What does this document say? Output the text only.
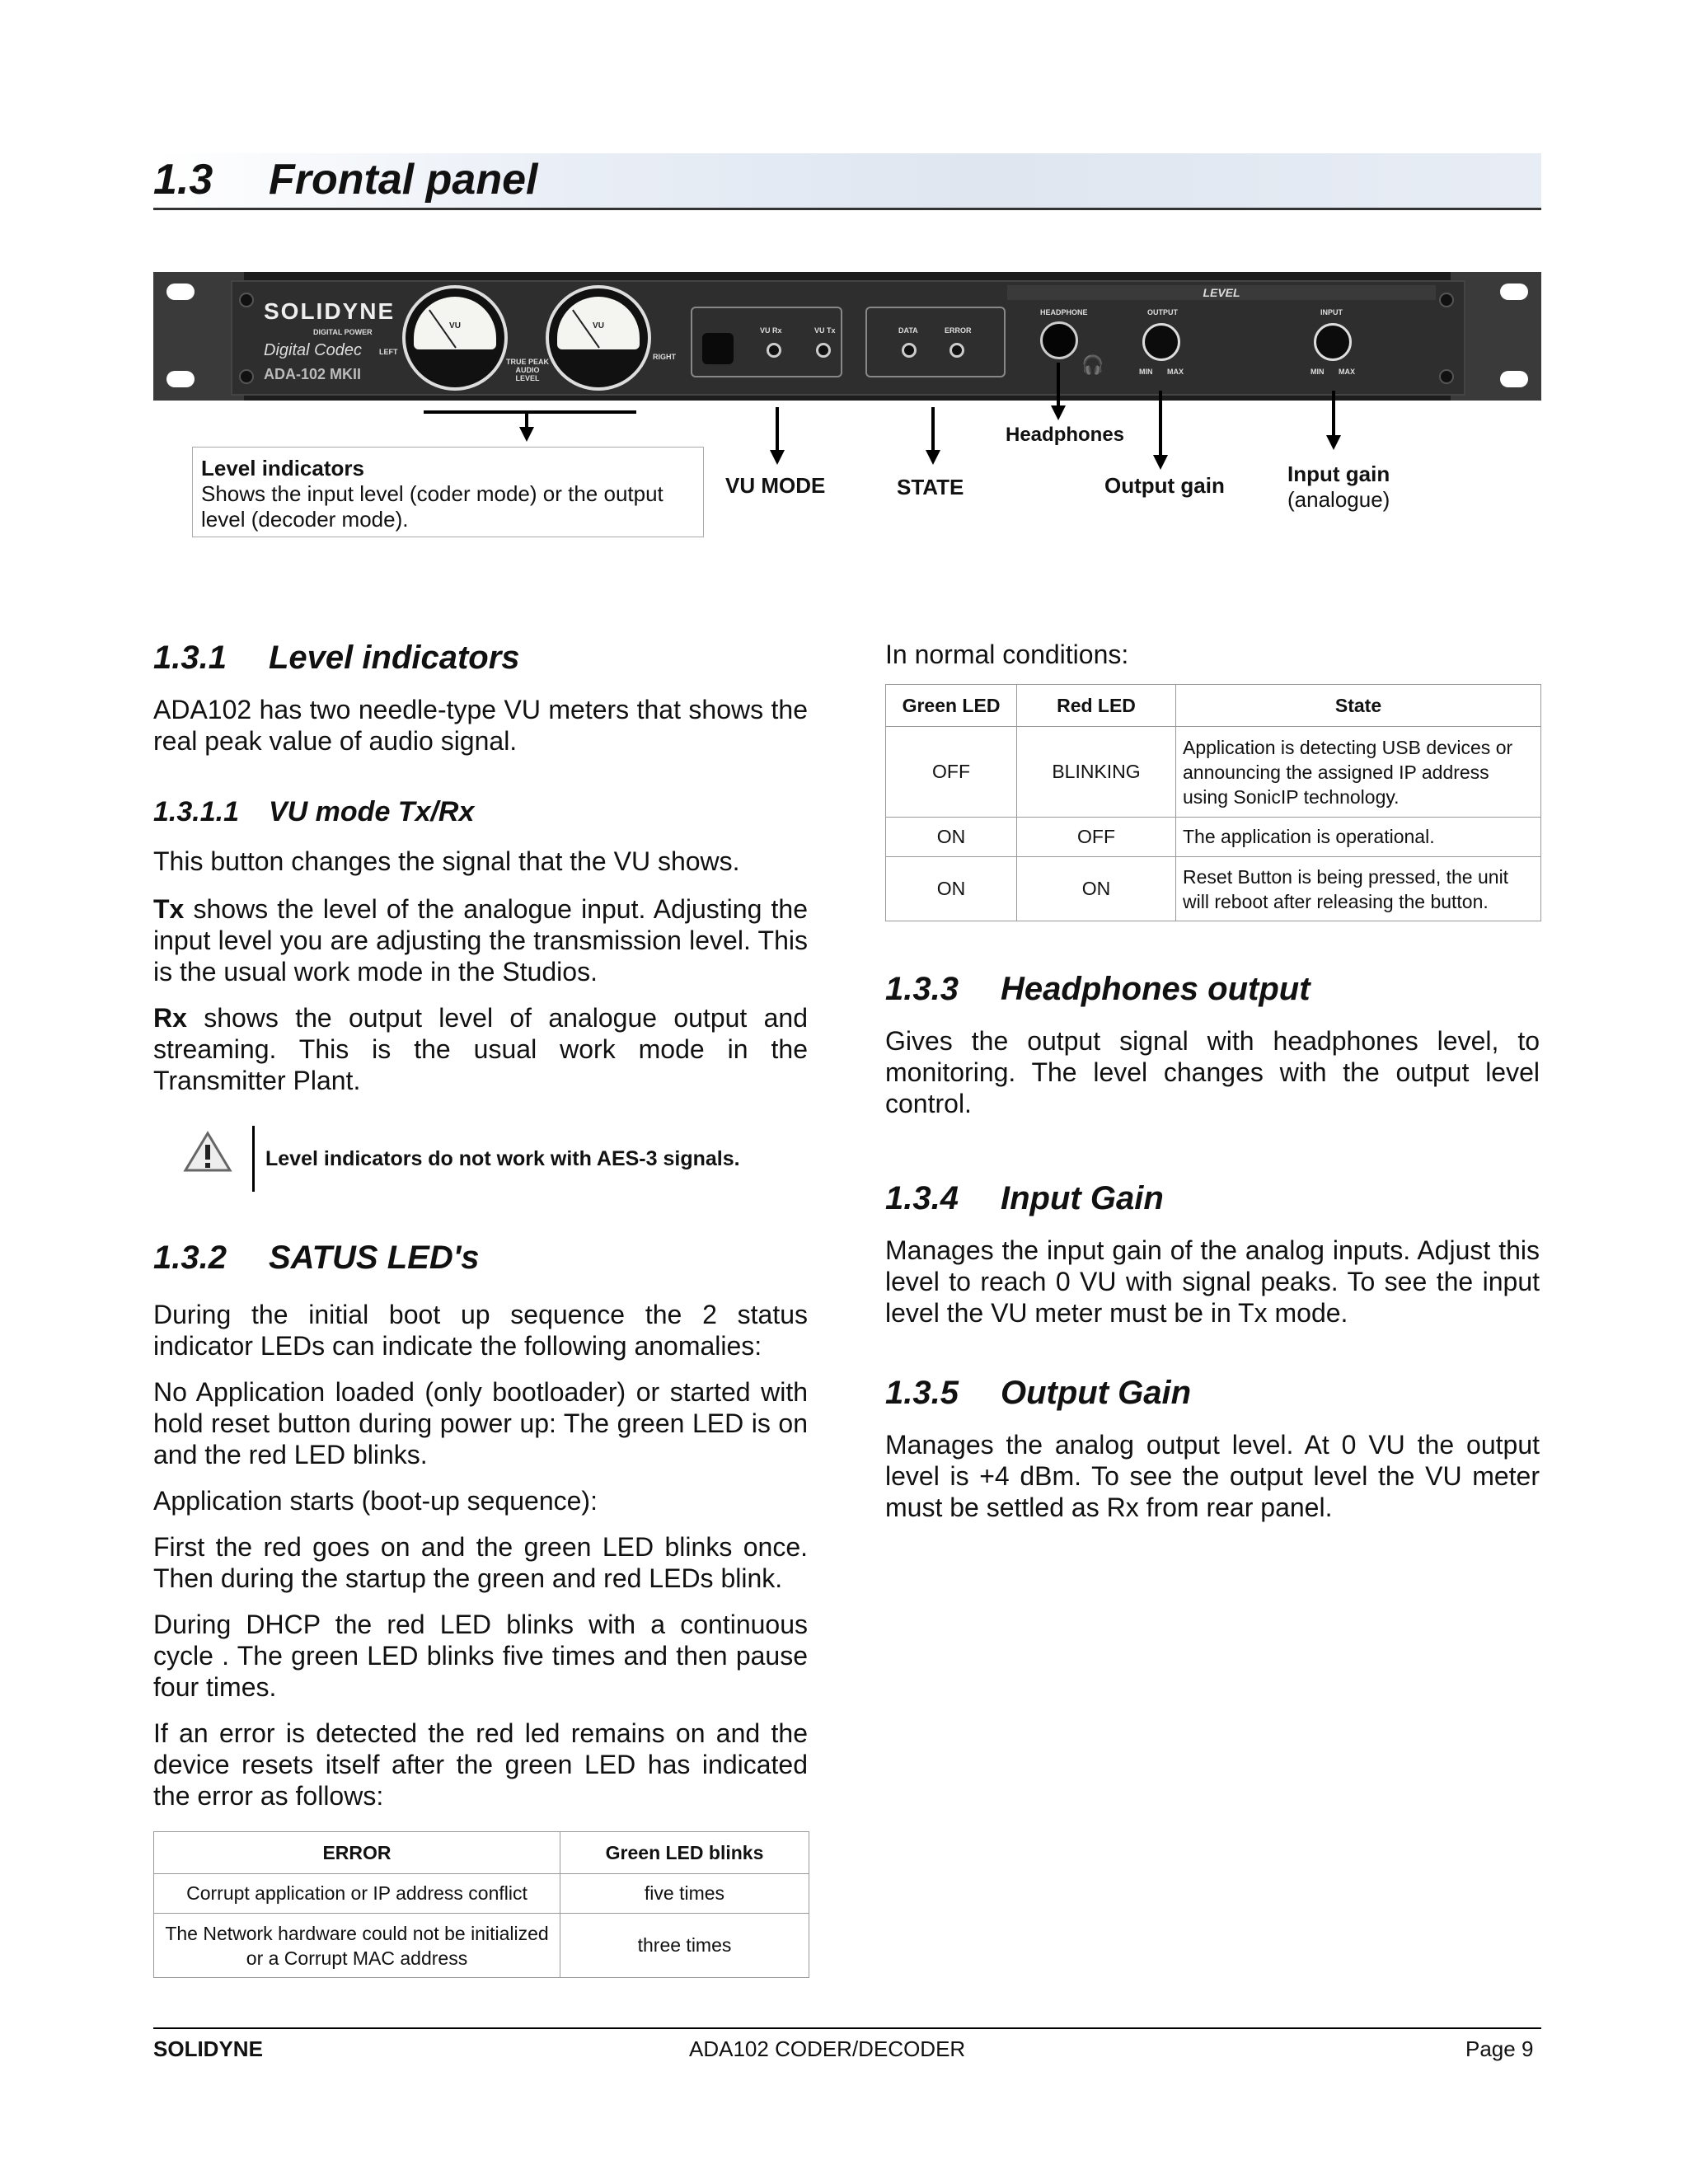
1.3 Frontal panel
SOLIDYNE
DIGITAL POWER
Digital Codec
ADA-102 MKII
LEFT
VU	VU
TRUE PEAK AUDIO LEVEL
RIGHT
VU Rx	VU Tx	DATA	ERROR
LEVEL
HEADPHONE
🎧
OUTPUT
MIN MAX
INPUT
MIN MAX
Level indicators
Shows the input level (coder mode) or the output level (decoder mode).
VU MODE	STATE
Headphones
Output gain	Input gain
(analogue)
1.3.1 Level indicators
ADA102 has two needle-type VU meters that shows the real peak value of audio signal.
1.3.1.1 VU mode Tx/Rx
This button changes the signal that the VU shows.
Tx shows the level of the analogue input. Adjusting the input level you are adjusting the transmission level. This is the usual work mode in the Studios.
Rx shows the output level of analogue output and streaming. This is the usual work mode in the Transmitter Plant.
Level indicators do not work with AES-3 signals.
1.3.2 SATUS LED's
During the initial boot up sequence the 2 status indicator LEDs can indicate the following anomalies:
No Application loaded (only bootloader) or started with hold reset button during power up: The green LED is on and the red LED blinks.
Application starts (boot-up sequence):
First the red goes on and the green LED blinks once. Then during the startup the green and red LEDs blink.
During DHCP the red LED blinks with a continuous cycle . The green LED blinks five times and then pause four times.
If an error is detected the red led remains on and the device resets itself after the green LED has indicated the error as follows:
ERROR	Green LED blinks
Corrupt application or IP address conflict	five times
The Network hardware could not be initialized or a Corrupt MAC address	three times
In normal conditions:
Green LED	Red LED	State
OFF	BLINKING	Application is detecting USB devices or announcing the assigned IP address using SonicIP technology.
ON	OFF	The application is operational.
ON	ON	Reset Button is being pressed, the unit will reboot after releasing the button.
1.3.3 Headphones output
Gives the output signal with headphones level, to monitoring. The level changes with the output level control.
1.3.4 Input Gain
Manages the input gain of the analog inputs. Adjust this level to reach 0 VU with signal peaks. To see the input level the VU meter must be in Tx mode.
1.3.5 Output Gain
Manages the analog output level. At 0 VU the output level is +4 dBm. To see the output level the VU meter must be settled as Rx from rear panel.
SOLIDYNE	ADA102 CODER/DECODER	Page 9
